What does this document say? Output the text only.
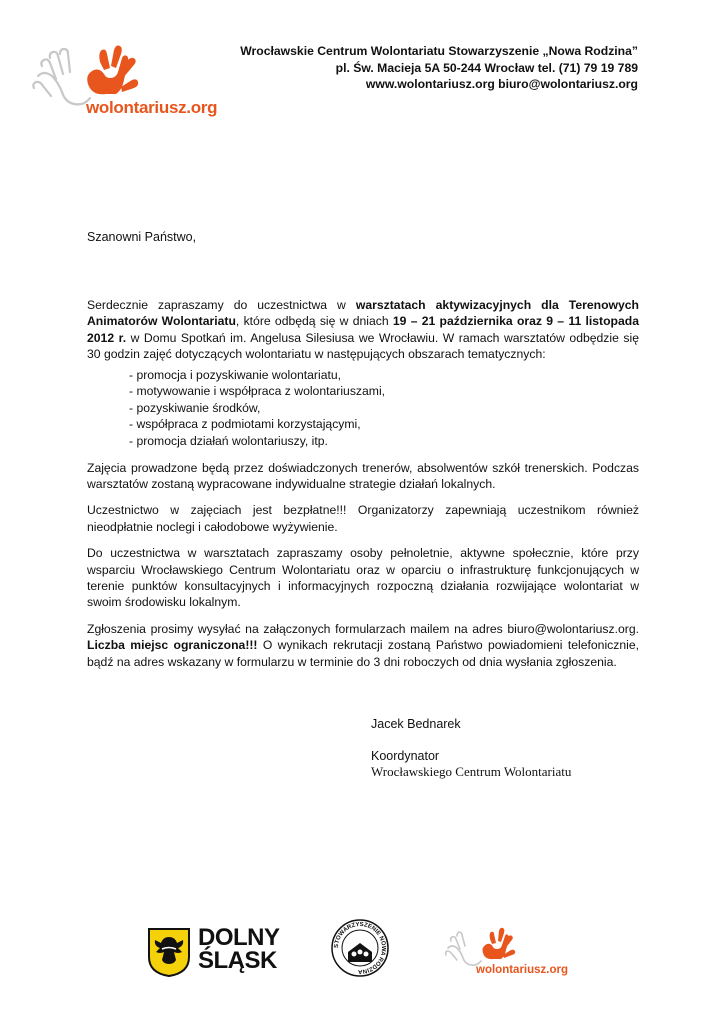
wolontariusz.org
Wrocławskie Centrum Wolontariatu Stowarzyszenie „Nowa Rodzina”
pl. Św. Macieja 5A 50-244 Wrocław tel. (71) 79 19 789
www.wolontariusz.org biuro@wolontariusz.org
Szanowni Państwo,

Serdecznie zapraszamy do uczestnictwa w warsztatach aktywizacyjnych dla Terenowych Animatorów Wolontariatu, które odbędą się w dniach 19 – 21 października oraz 9 – 11 listopada 2012 r. w Domu Spotkań im. Angelusa Silesiusa we Wrocławiu. W ramach warsztatów odbędzie się 30 godzin zajęć dotyczących wolontariatu w następujących obszarach tematycznych:

- promocja i pozyskiwanie wolontariatu,
- motywowanie i współpraca z wolontariuszami,
- pozyskiwanie środków,
- współpraca z podmiotami korzystającymi,
- promocja działań wolontariuszy, itp.

Zajęcia prowadzone będą przez doświadczonych trenerów, absolwentów szkół trenerskich. Podczas warsztatów zostaną wypracowane indywidualne strategie działań lokalnych.

Uczestnictwo w zajęciach jest bezpłatne!!! Organizatorzy zapewniają uczestnikom również nieodpłatnie noclegi i całodobowe wyżywienie.

Do uczestnictwa w warsztatach zapraszamy osoby pełnoletnie, aktywne społecznie, które przy wsparciu Wrocławskiego Centrum Wolontariatu oraz w oparciu o infrastrukturę funkcjonujących w terenie punktów konsultacyjnych i informacyjnych rozpoczną działania rozwijające wolontariat w swoim środowisku lokalnym.

Zgłoszenia prosimy wysyłać na załączonych formularzach mailem na adres biuro@wolontariusz.org. Liczba miejsc ograniczona!!! O wynikach rekrutacji zostaną Państwo powiadomieni telefonicznie, bądź na adres wskazany w formularzu w terminie do 3 dni roboczych od dnia wysłania zgłoszenia.

Jacek Bednarek
Koordynator
Wrocławskiego Centrum Wolontariatu
DOLNY
ŚLĄSK
STOWARZYSZENIE NOWA RODZINA	wolontariusz.org
